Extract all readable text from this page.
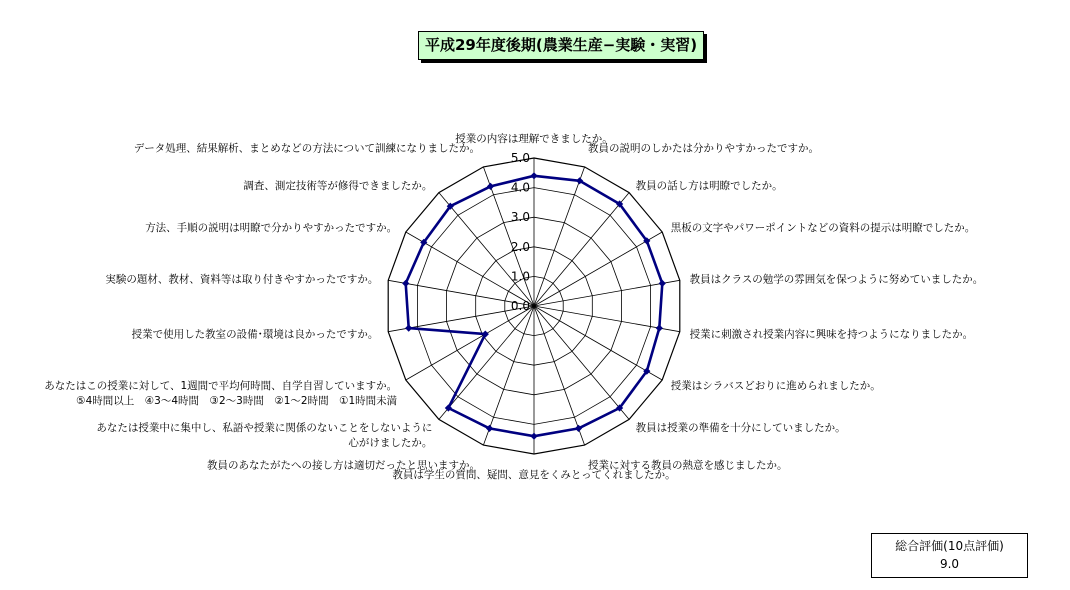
平成29年度後期(農業生産−実験・実習)
0.0
1.0
2.0
3.0
4.0
5.0
授業の内容は理解できましたか。
教員の説明のしかたは分かりやすかったですか。
教員の話し方は明瞭でしたか。
黒板の文字やパワーポイントなどの資料の提示は明瞭でしたか。
教員はクラスの勉学の雰囲気を保つように努めていましたか。
授業に刺激され授業内容に興味を持つようになりましたか。
授業はシラバスどおりに進められましたか。
教員は授業の準備を十分にしていましたか。
授業に対する教員の熱意を感じましたか。
教員は学生の質問、疑問、意見をくみとってくれましたか。
教員のあなたがたへの接し方は適切だったと思いますか。
あなたは授業中に集中し、私語や授業に関係のないことをしないように
心がけましたか。
あなたはこの授業に対して、1週間で平均何時間、自学自習していますか。
⑤4時間以上　④3〜4時間　③2〜3時間　②1〜2時間　①1時間未満
授業で使用した教室の設備･環境は良かったですか。
実験の題材、教材、資料等は取り付きやすかったですか。
方法、手順の説明は明瞭で分かりやすかったですか。
調査、測定技術等が修得できましたか。
データ処理、結果解析、まとめなどの方法について訓練になりましたか。
総合評価(10点評価)
9.0
